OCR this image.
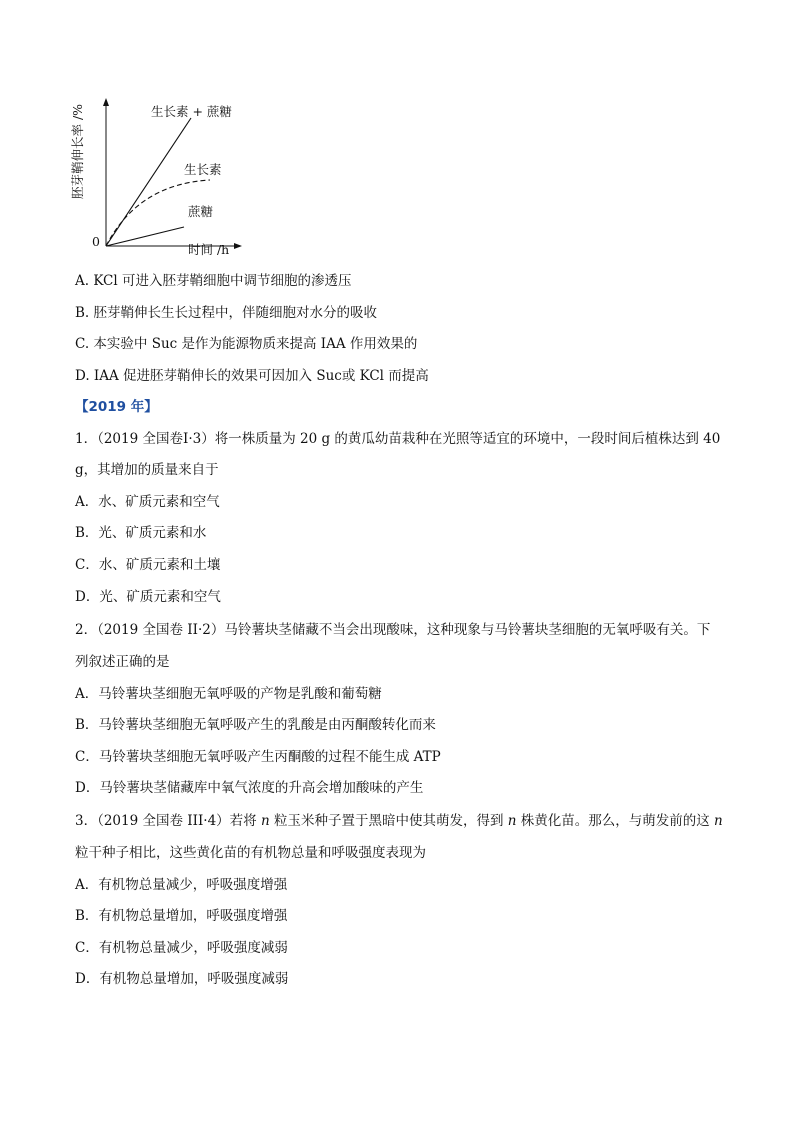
胚芽鞘伸长率 /%
0
时间 /h
生长素 + 蔗糖
生长素
蔗糖
A. KCl 可进入胚芽鞘细胞中调节细胞的渗透压
B. 胚芽鞘伸长生长过程中，伴随细胞对水分的吸收
C. 本实验中 Suc 是作为能源物质来提高 IAA 作用效果的
D. IAA 促进胚芽鞘伸长的效果可因加入 Suc或 KCl 而提高
【2019 年】
1．（2019 全国卷Ⅰ·3）将一株质量为 20 g 的黄瓜幼苗栽种在光照等适宜的环境中，一段时间后植株达到 40
g，其增加的质量来自于
A．水、矿质元素和空气
B．光、矿质元素和水
C．水、矿质元素和土壤
D．光、矿质元素和空气
2．（2019 全国卷 II·2）马铃薯块茎储藏不当会出现酸味，这种现象与马铃薯块茎细胞的无氧呼吸有关。下
列叙述正确的是
A．马铃薯块茎细胞无氧呼吸的产物是乳酸和葡萄糖
B．马铃薯块茎细胞无氧呼吸产生的乳酸是由丙酮酸转化而来
C．马铃薯块茎细胞无氧呼吸产生丙酮酸的过程不能生成 ATP
D．马铃薯块茎储藏库中氧气浓度的升高会增加酸味的产生
3．（2019 全国卷 III·4）若将 n 粒玉米种子置于黑暗中使其萌发，得到 n 株黄化苗。那么，与萌发前的这 n
粒干种子相比，这些黄化苗的有机物总量和呼吸强度表现为
A．有机物总量减少，呼吸强度增强
B．有机物总量增加，呼吸强度增强
C．有机物总量减少，呼吸强度减弱
D．有机物总量增加，呼吸强度减弱
